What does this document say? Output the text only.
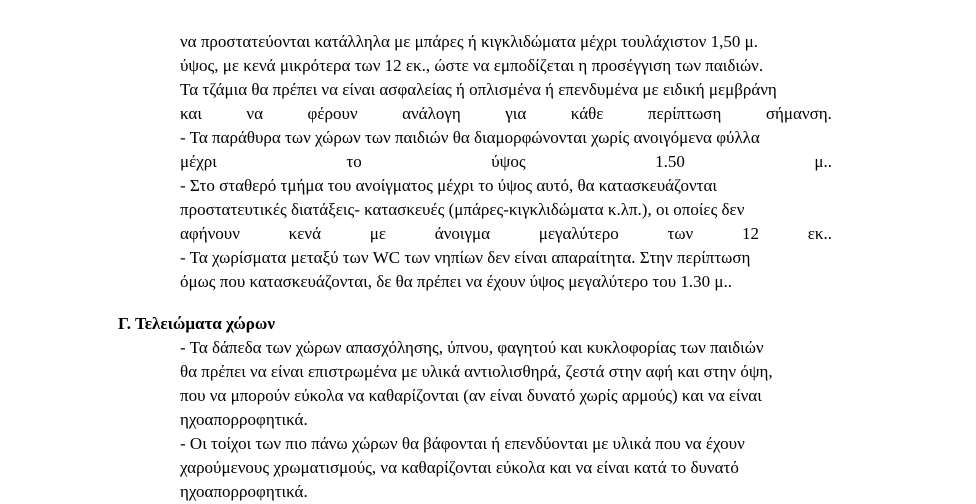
να προστατεύονται κατάλληλα με μπάρες ή κιγκλιδώματα μέχρι τουλάχιστον 1,50 μ.
ύψος, με κενά μικρότερα των 12 εκ., ώστε να εμποδίζεται η προσέγγιση των παιδιών.
Τα τζάμια θα πρέπει να είναι ασφαλείας ή οπλισμένα ή επενδυμένα με ειδική μεμβράνη
και	να	φέρουν	ανάλογη	για	κάθε	περίπτωση	σήμανση.
- Τα παράθυρα των χώρων των παιδιών θα διαμορφώνονται χωρίς ανοιγόμενα φύλλα
μέχρι	το	ύψος	1.50	μ..
- Στο σταθερό τμήμα του ανοίγματος μέχρι το ύψος αυτό, θα κατασκευάζονται
προστατευτικές διατάξεις- κατασκευές (μπάρες-κιγκλιδώματα κ.λπ.), οι οποίες δεν
αφήνουν	κενά	με	άνοιγμα	μεγαλύτερο	των	12	εκ..
- Τα χωρίσματα μεταξύ των WC των νηπίων δεν είναι απαραίτητα. Στην περίπτωση
όμως που κατασκευάζονται, δε θα πρέπει να έχουν ύψος μεγαλύτερο του 1.30 μ..
Γ. Τελειώματα χώρων
- Τα δάπεδα των χώρων απασχόλησης, ύπνου, φαγητού και κυκλοφορίας των παιδιών
θα πρέπει να είναι επιστρωμένα με υλικά αντιολισθηρά, ζεστά στην αφή και στην όψη,
που να μπορούν εύκολα να καθαρίζονται (αν είναι δυνατό χωρίς αρμούς) και να είναι
ηχοαπορροφητικά.
- Οι τοίχοι των πιο πάνω χώρων θα βάφονται ή επενδύονται με υλικά που να έχουν
χαρούμενους χρωματισμούς, να καθαρίζονται εύκολα και να είναι κατά το δυνατό
ηχοαπορροφητικά.
